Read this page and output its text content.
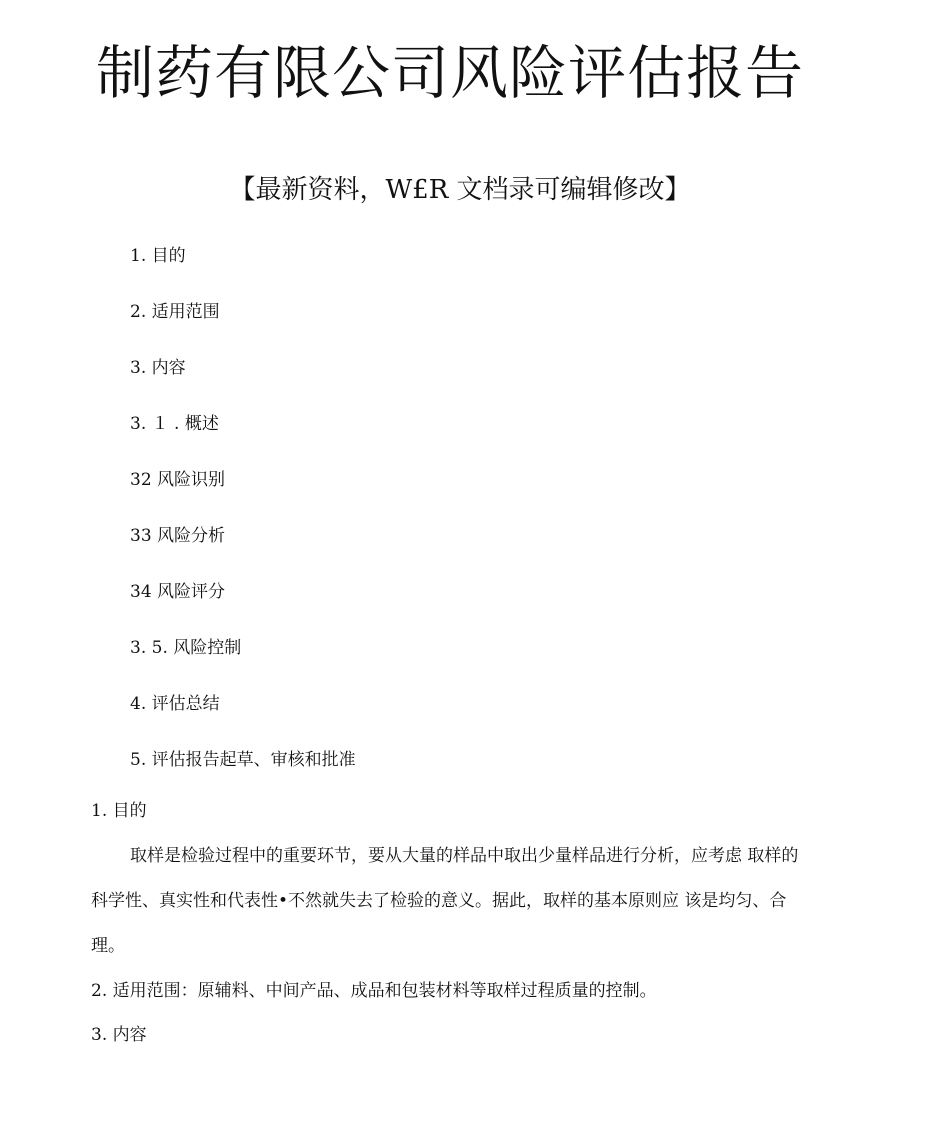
制药有限公司风险评估报告

【最新资料，W£R 文档录可编辑修改】

1. 目的
2. 适用范围
3. 内容
3. １ . 概述
32 风险识别
33 风险分析
34 风险评分
3. 5. 风险控制
4. 评估总结
5. 评估报告起草、审核和批准

1. 目的

取样是检验过程中的重要环节，要从大量的样品中取出少量样品进行分析，应考虑 取样的
科学性、真实性和代表性•不然就失去了检验的意义。据此，取样的基本原则应 该是均匀、合
理。

2. 适用范围：原辅料、中间产品、成品和包装材料等取样过程质量的控制。

3. 内容
